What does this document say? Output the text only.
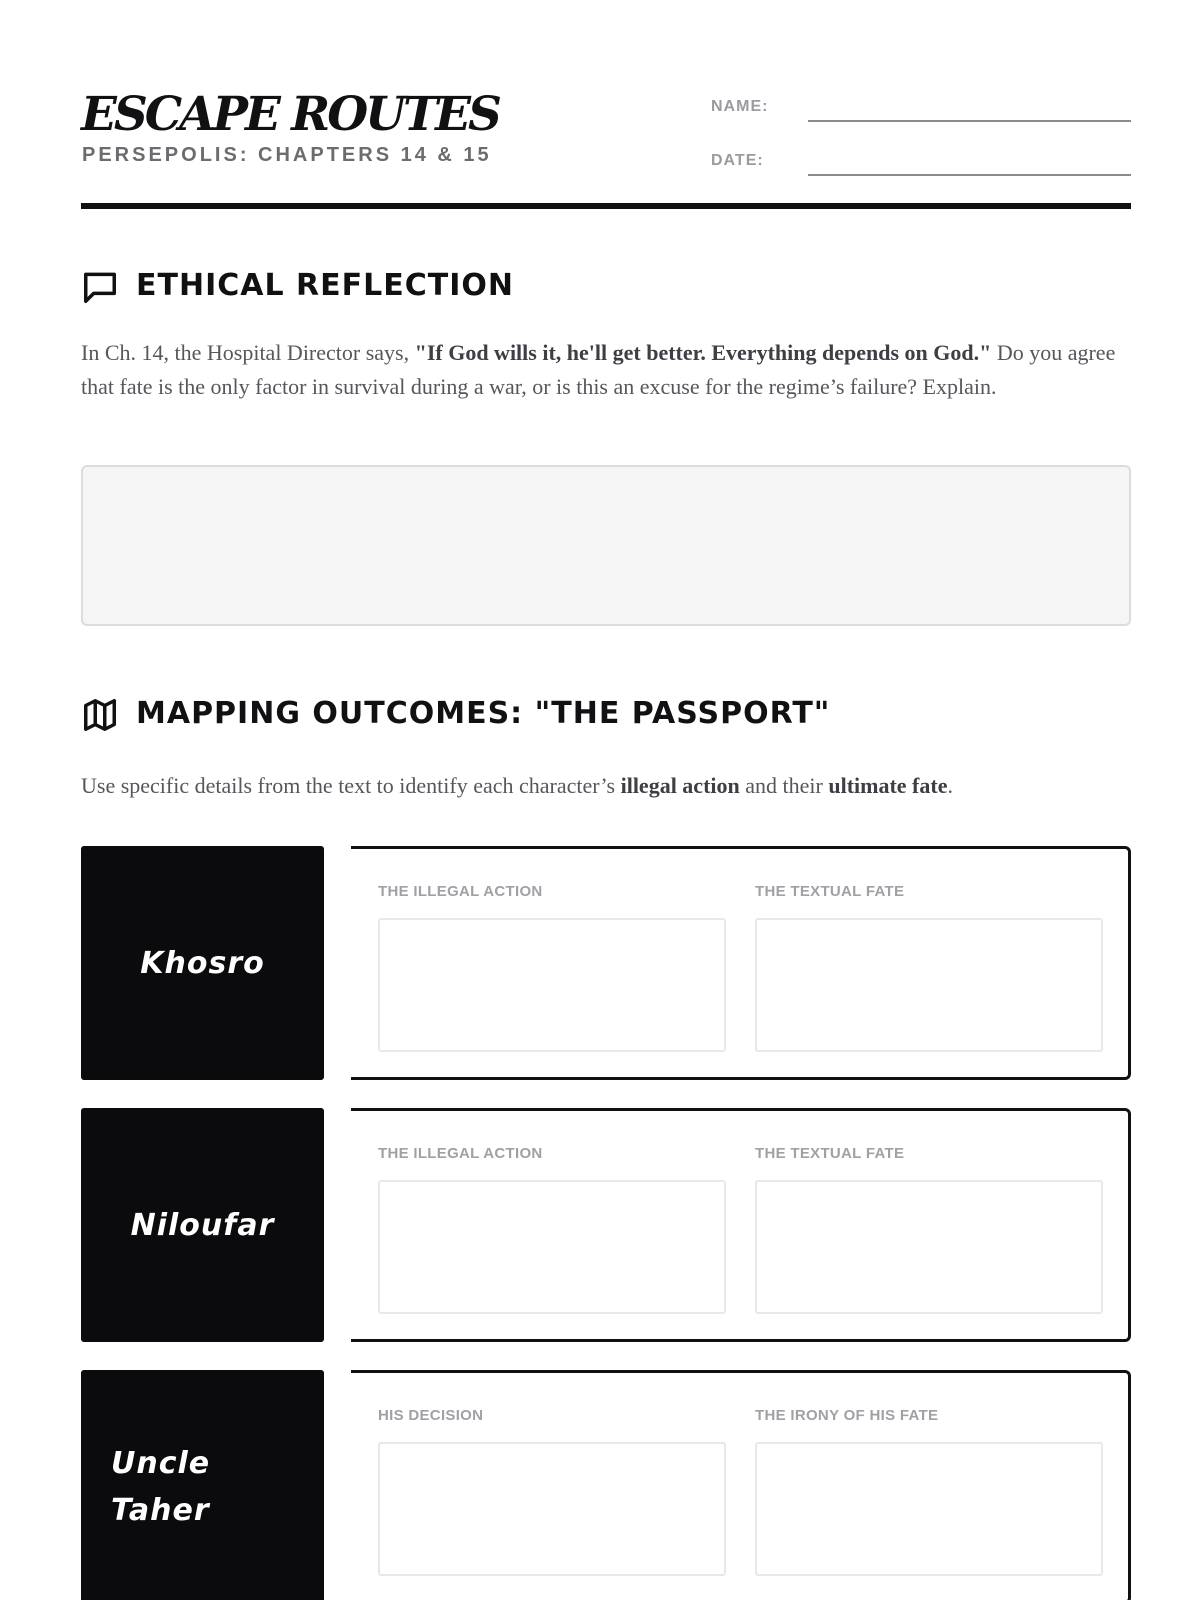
ESCAPE ROUTES
PERSEPOLIS: CHAPTERS 14 & 15
NAME:
DATE:
ETHICAL REFLECTION

In Ch. 14, the Hospital Director says, "If God wills it, he'll get better. Everything depends on God." Do you agree that fate is the only factor in survival during a war, or is this an excuse for the regime’s failure? Explain.

MAPPING OUTCOMES: "THE PASSPORT"

Use specific details from the text to identify each character’s illegal action and their ultimate fate.

Khosro
THE ILLEGAL ACTION	THE TEXTUAL FATE
Niloufar
THE ILLEGAL ACTION	THE TEXTUAL FATE
Uncle Taher
HIS DECISION	THE IRONY OF HIS FATE
